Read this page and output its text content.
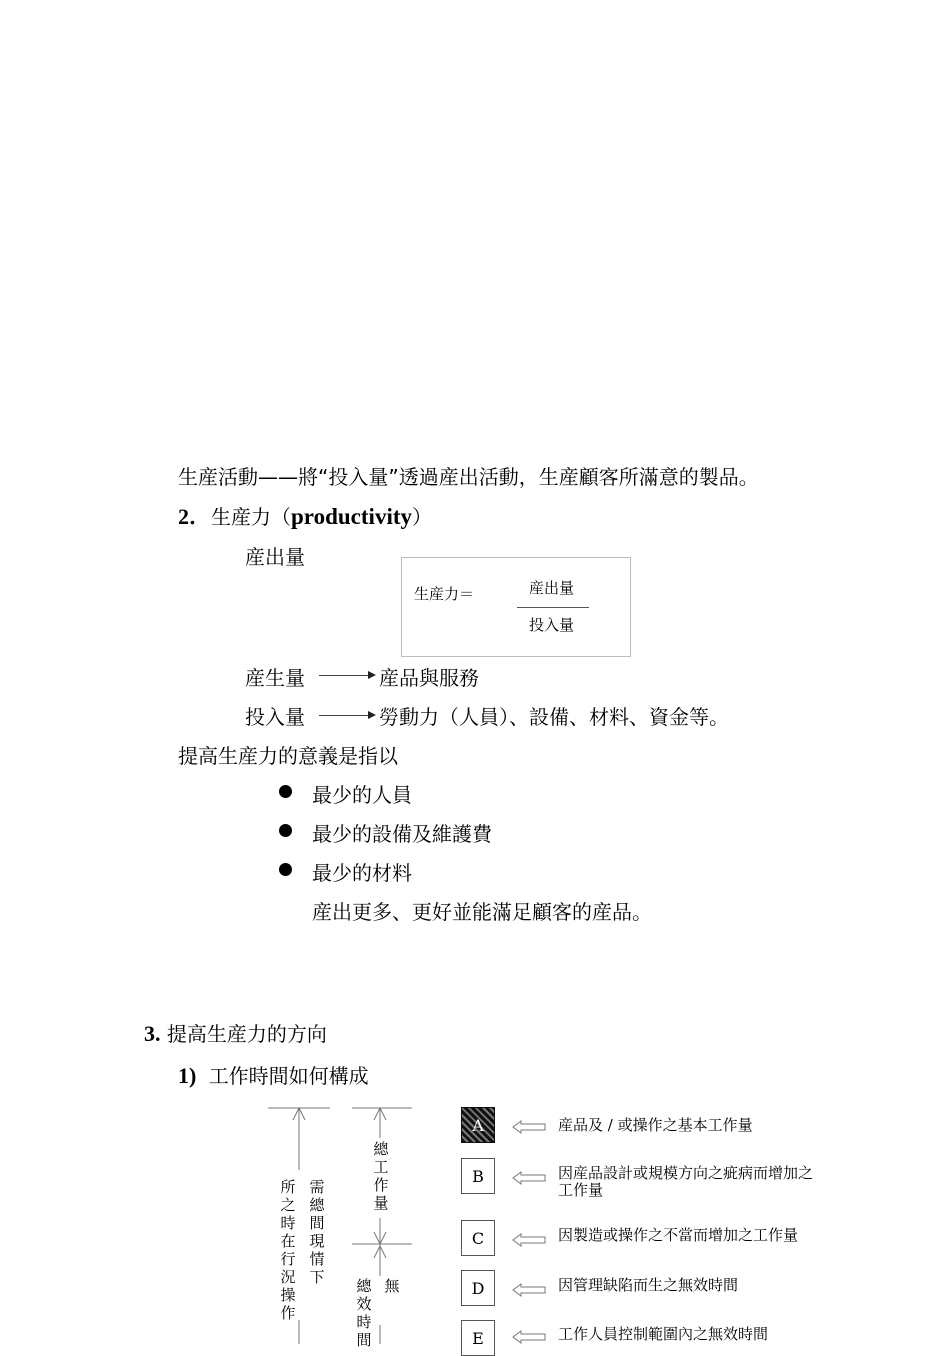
生産活動——將“投入量”透過産出活動，生産顧客所滿意的製品。
2．生産力（productivity）
産出量
生産力＝	産出量
投入量
産生量	産品與服務
投入量	勞動力（人員）、設備、材料、資金等。
提高生産力的意義是指以
最少的人員
最少的設備及維護費
最少的材料
産出更多、更好並能滿足顧客的産品。
3. 提高生産力的方向
1) 工作時間如何構成
所之時在行況操作
需總間現情下
總工作量
總效時間
無
A	産品及 / 或操作之基本工作量
B	因産品設計或規模方向之疵病而增加之工作量
C	因製造或操作之不當而增加之工作量
D	因管理缺陷而生之無效時間
E	工作人員控制範圍內之無效時間
